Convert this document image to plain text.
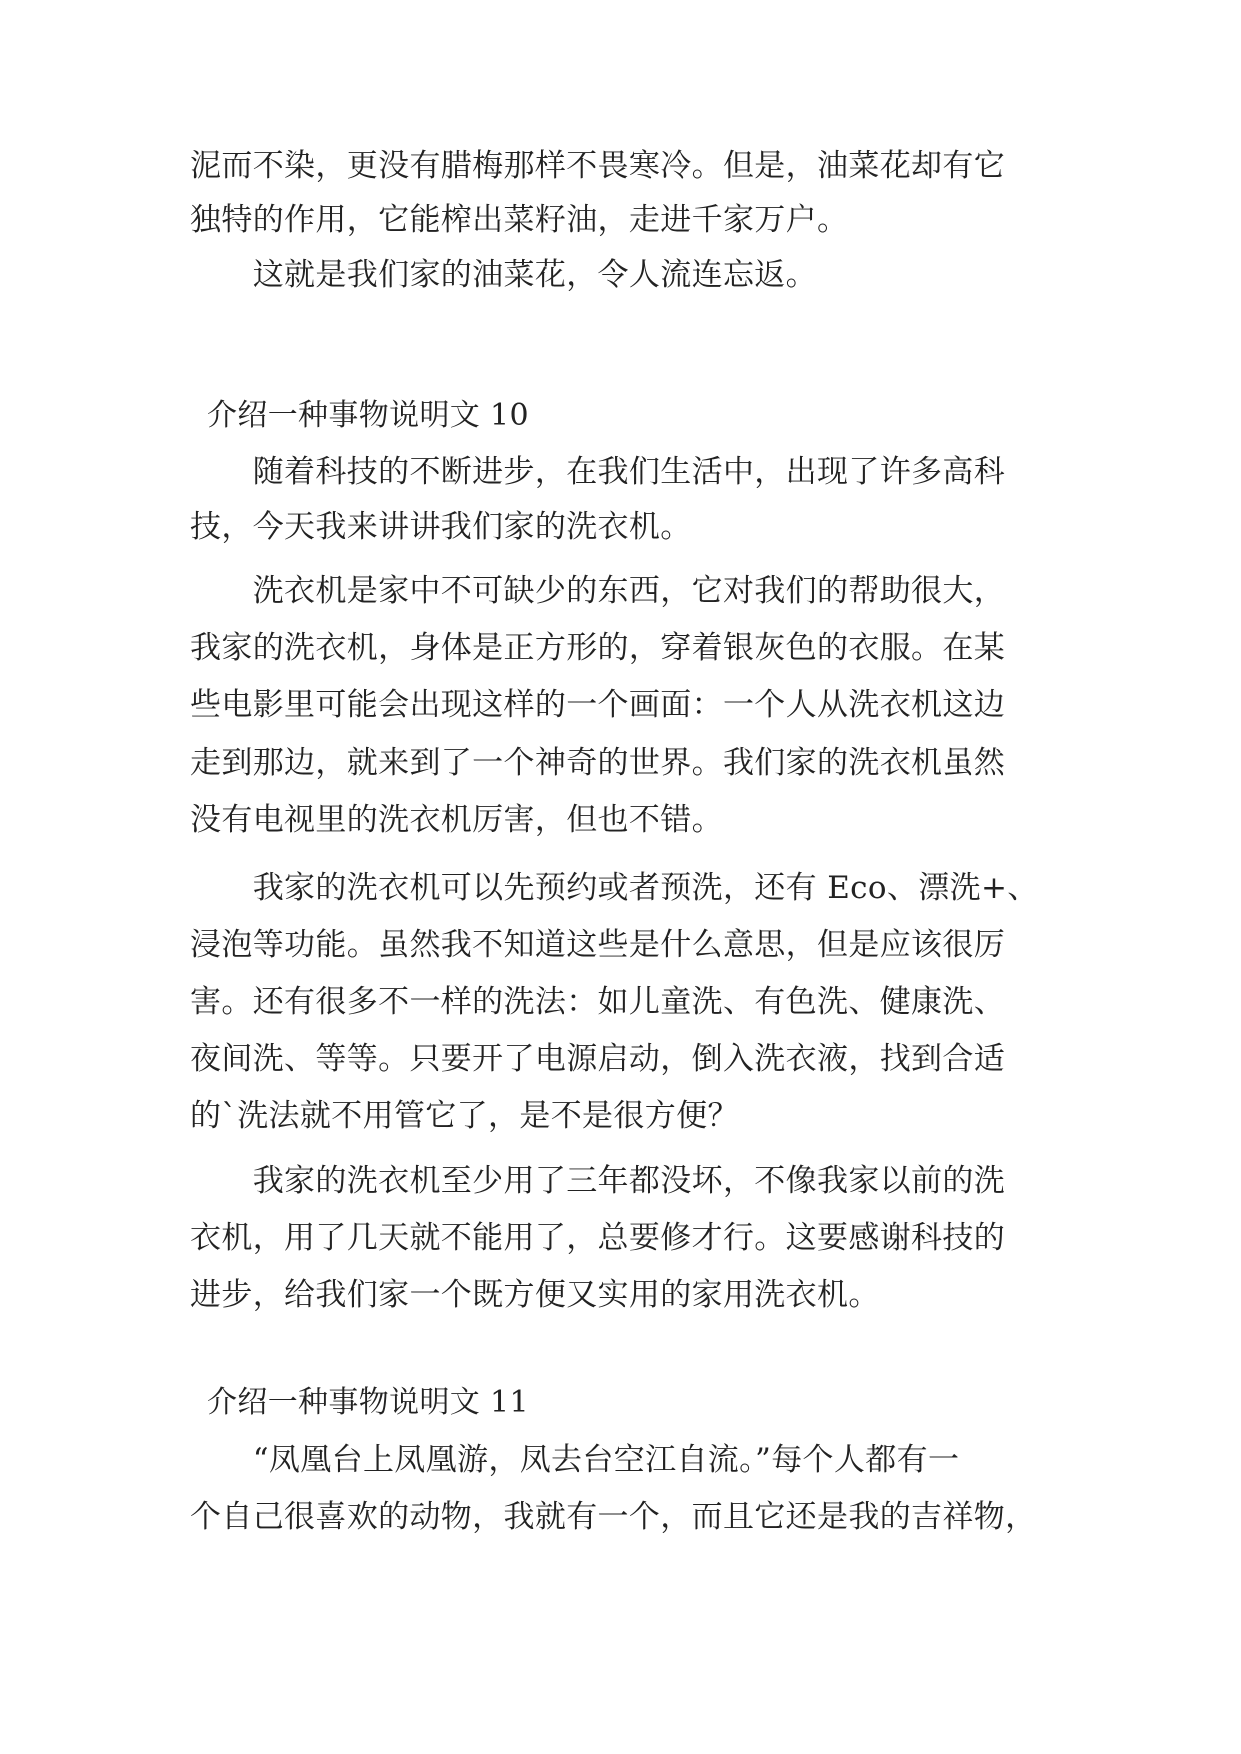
泥而不染，更没有腊梅那样不畏寒冷。但是，油菜花却有它
独特的作用，它能榨出菜籽油，走进千家万户。
　　这就是我们家的油菜花，令人流连忘返。
介绍一种事物说明文 10
　　随着科技的不断进步，在我们生活中，出现了许多高科
技，今天我来讲讲我们家的洗衣机。
　　洗衣机是家中不可缺少的东西，它对我们的帮助很大，
我家的洗衣机，身体是正方形的，穿着银灰色的衣服。在某
些电影里可能会出现这样的一个画面：一个人从洗衣机这边
走到那边，就来到了一个神奇的世界。我们家的洗衣机虽然
没有电视里的洗衣机厉害，但也不错。
　　我家的洗衣机可以先预约或者预洗，还有 Eco、漂洗+、
浸泡等功能。虽然我不知道这些是什么意思，但是应该很厉
害。还有很多不一样的洗法：如儿童洗、有色洗、健康洗、
夜间洗、等等。只要开了电源启动，倒入洗衣液，找到合适
的`洗法就不用管它了，是不是很方便？
　　我家的洗衣机至少用了三年都没坏，不像我家以前的洗
衣机，用了几天就不能用了，总要修才行。这要感谢科技的
进步，给我们家一个既方便又实用的家用洗衣机。
介绍一种事物说明文 11
　　“凤凰台上凤凰游，凤去台空江自流。”每个人都有一
个自己很喜欢的动物，我就有一个，而且它还是我的吉祥物，
